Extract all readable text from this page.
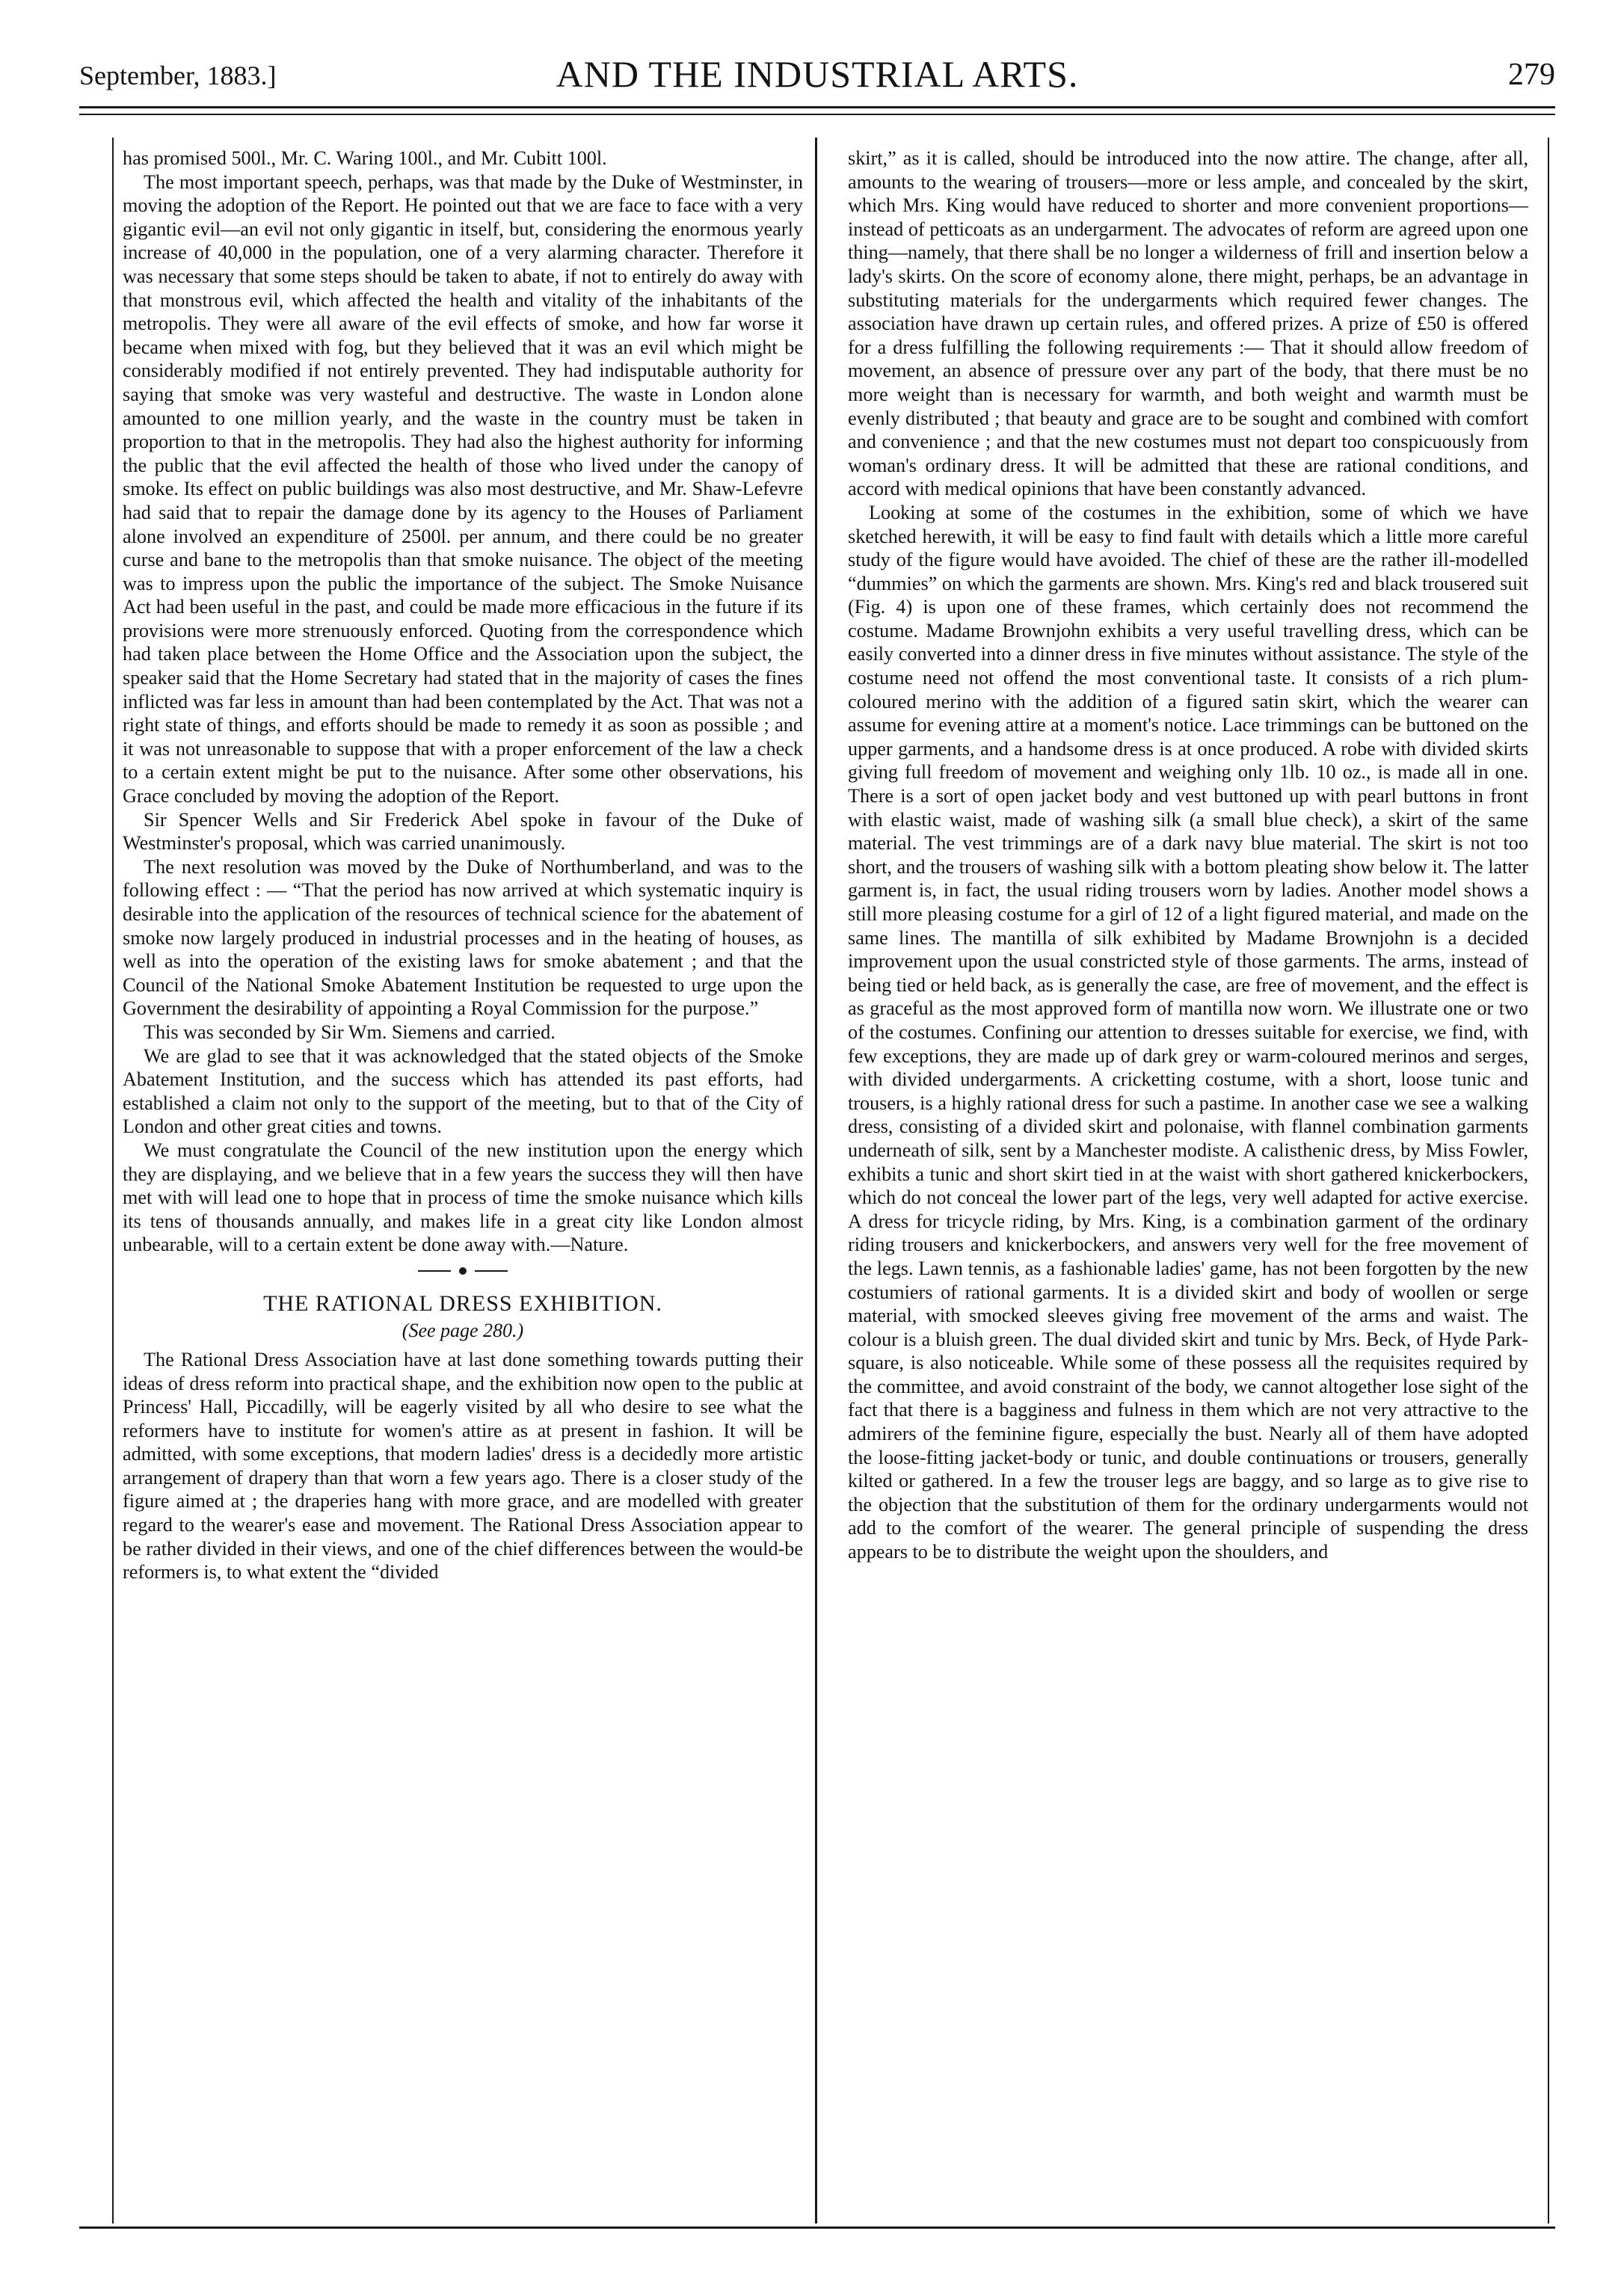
September, 1883.]	AND THE INDUSTRIAL ARTS.	279

has promised 500l., Mr. C. Waring 100l., and Mr. Cubitt 100l.

The most important speech, perhaps, was that made by the Duke of Westminster, in moving the adoption of the Report. He pointed out that we are face to face with a very gigantic evil—an evil not only gigantic in itself, but, considering the enormous yearly increase of 40,000 in the population, one of a very alarming character. Therefore it was necessary that some steps should be taken to abate, if not to entirely do away with that monstrous evil, which affected the health and vitality of the inhabitants of the metropolis. They were all aware of the evil effects of smoke, and how far worse it became when mixed with fog, but they believed that it was an evil which might be considerably modified if not entirely prevented. They had indisputable authority for saying that smoke was very wasteful and destructive. The waste in London alone amounted to one million yearly, and the waste in the country must be taken in proportion to that in the metropolis. They had also the highest authority for informing the public that the evil affected the health of those who lived under the canopy of smoke. Its effect on public buildings was also most destructive, and Mr. Shaw-Lefevre had said that to repair the damage done by its agency to the Houses of Parliament alone involved an expenditure of 2500l. per annum, and there could be no greater curse and bane to the metropolis than that smoke nuisance. The object of the meeting was to impress upon the public the importance of the subject. The Smoke Nuisance Act had been useful in the past, and could be made more efficacious in the future if its provisions were more strenuously enforced. Quoting from the correspondence which had taken place between the Home Office and the Association upon the subject, the speaker said that the Home Secretary had stated that in the majority of cases the fines inflicted was far less in amount than had been contemplated by the Act. That was not a right state of things, and efforts should be made to remedy it as soon as possible ; and it was not unreasonable to suppose that with a proper enforcement of the law a check to a certain extent might be put to the nuisance. After some other observations, his Grace concluded by moving the adoption of the Report.

Sir Spencer Wells and Sir Frederick Abel spoke in favour of the Duke of Westminster's proposal, which was carried unanimously.

The next resolution was moved by the Duke of Northumberland, and was to the following effect : — “That the period has now arrived at which systematic inquiry is desirable into the application of the resources of technical science for the abatement of smoke now largely produced in industrial processes and in the heating of houses, as well as into the operation of the existing laws for smoke abatement ; and that the Council of the National Smoke Abatement Institution be requested to urge upon the Government the desirability of appointing a Royal Commission for the purpose.”

This was seconded by Sir Wm. Siemens and carried.

We are glad to see that it was acknowledged that the stated objects of the Smoke Abatement Institution, and the success which has attended its past efforts, had established a claim not only to the support of the meeting, but to that of the City of London and other great cities and towns.

We must congratulate the Council of the new institution upon the energy which they are displaying, and we believe that in a few years the success they will then have met with will lead one to hope that in process of time the smoke nuisance which kills its tens of thousands annually, and makes life in a great city like London almost unbearable, will to a certain extent be done away with.—Nature.

THE RATIONAL DRESS EXHIBITION.
(See page 280.)

The Rational Dress Association have at last done something towards putting their ideas of dress reform into practical shape, and the exhibition now open to the public at Princess' Hall, Piccadilly, will be eagerly visited by all who desire to see what the reformers have to institute for women's attire as at present in fashion. It will be admitted, with some exceptions, that modern ladies' dress is a decidedly more artistic arrangement of drapery than that worn a few years ago. There is a closer study of the figure aimed at ; the draperies hang with more grace, and are modelled with greater regard to the wearer's ease and movement. The Rational Dress Association appear to be rather divided in their views, and one of the chief differences between the would-be reformers is, to what extent the “divided

skirt,” as it is called, should be introduced into the now attire. The change, after all, amounts to the wearing of trousers—more or less ample, and concealed by the skirt, which Mrs. King would have reduced to shorter and more convenient proportions—instead of petticoats as an undergarment. The advocates of reform are agreed upon one thing—namely, that there shall be no longer a wilderness of frill and insertion below a lady's skirts. On the score of economy alone, there might, perhaps, be an advantage in substituting materials for the undergarments which required fewer changes. The association have drawn up certain rules, and offered prizes. A prize of £50 is offered for a dress fulfilling the following requirements :— That it should allow freedom of movement, an absence of pressure over any part of the body, that there must be no more weight than is necessary for warmth, and both weight and warmth must be evenly distributed ; that beauty and grace are to be sought and combined with comfort and convenience ; and that the new costumes must not depart too conspicuously from woman's ordinary dress. It will be admitted that these are rational conditions, and accord with medical opinions that have been constantly advanced.

Looking at some of the costumes in the exhibition, some of which we have sketched herewith, it will be easy to find fault with details which a little more careful study of the figure would have avoided. The chief of these are the rather ill-modelled “dummies” on which the garments are shown. Mrs. King's red and black trousered suit (Fig. 4) is upon one of these frames, which certainly does not recommend the costume. Madame Brownjohn exhibits a very useful travelling dress, which can be easily converted into a dinner dress in five minutes without assistance. The style of the costume need not offend the most conventional taste. It consists of a rich plum-coloured merino with the addition of a figured satin skirt, which the wearer can assume for evening attire at a moment's notice. Lace trimmings can be buttoned on the upper garments, and a handsome dress is at once produced. A robe with divided skirts giving full freedom of movement and weighing only 1lb. 10 oz., is made all in one. There is a sort of open jacket body and vest buttoned up with pearl buttons in front with elastic waist, made of washing silk (a small blue check), a skirt of the same material. The vest trimmings are of a dark navy blue material. The skirt is not too short, and the trousers of washing silk with a bottom pleating show below it. The latter garment is, in fact, the usual riding trousers worn by ladies. Another model shows a still more pleasing costume for a girl of 12 of a light figured material, and made on the same lines. The mantilla of silk exhibited by Madame Brownjohn is a decided improvement upon the usual constricted style of those garments. The arms, instead of being tied or held back, as is generally the case, are free of movement, and the effect is as graceful as the most approved form of mantilla now worn. We illustrate one or two of the costumes. Confining our attention to dresses suitable for exercise, we find, with few exceptions, they are made up of dark grey or warm-coloured merinos and serges, with divided undergarments. A cricketting costume, with a short, loose tunic and trousers, is a highly rational dress for such a pastime. In another case we see a walking dress, consisting of a divided skirt and polonaise, with flannel combination garments underneath of silk, sent by a Manchester modiste. A calisthenic dress, by Miss Fowler, exhibits a tunic and short skirt tied in at the waist with short gathered knickerbockers, which do not conceal the lower part of the legs, very well adapted for active exercise. A dress for tricycle riding, by Mrs. King, is a combination garment of the ordinary riding trousers and knickerbockers, and answers very well for the free movement of the legs. Lawn tennis, as a fashionable ladies' game, has not been forgotten by the new costumiers of rational garments. It is a divided skirt and body of woollen or serge material, with smocked sleeves giving free movement of the arms and waist. The colour is a bluish green. The dual divided skirt and tunic by Mrs. Beck, of Hyde Park-square, is also noticeable. While some of these possess all the requisites required by the committee, and avoid constraint of the body, we cannot altogether lose sight of the fact that there is a bagginess and fulness in them which are not very attractive to the admirers of the feminine figure, especially the bust. Nearly all of them have adopted the loose-fitting jacket-body or tunic, and double continuations or trousers, generally kilted or gathered. In a few the trouser legs are baggy, and so large as to give rise to the objection that the substitution of them for the ordinary undergarments would not add to the comfort of the wearer. The general principle of suspending the dress appears to be to distribute the weight upon the shoulders, and
